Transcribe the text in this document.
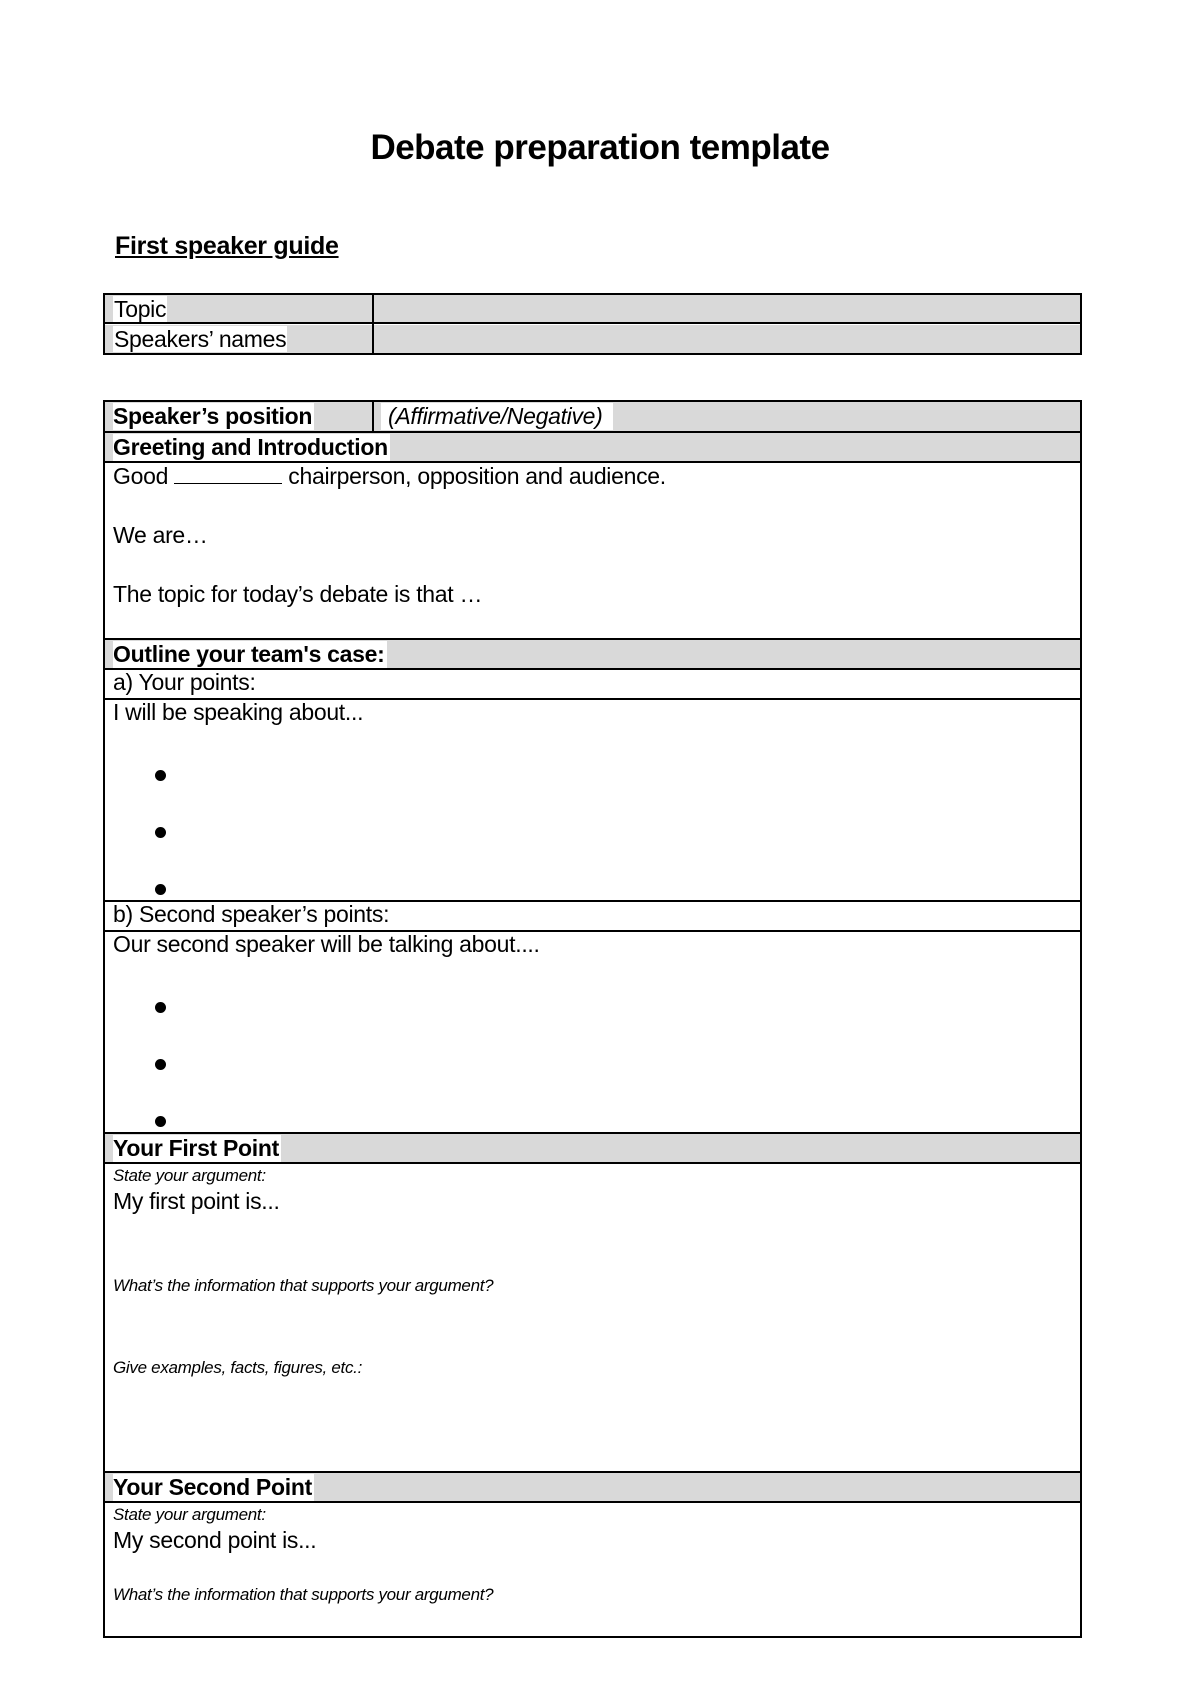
Debate preparation template
First speaker guide
Topic
Speakers’ names
Speaker’s position	(Affirmative/Negative)
Greeting and Introduction
Good	chairperson, opposition and audience.
We are…
The topic for today’s debate is that …
Outline your team's case:
a) Your points:
I will be speaking about...
b) Second speaker’s points:
Our second speaker will be talking about....
Your First Point
State your argument:
My first point is...
What’s the information that supports your argument?
Give examples, facts, figures, etc.:
Your Second Point
State your argument:
My second point is...
What’s the information that supports your argument?
